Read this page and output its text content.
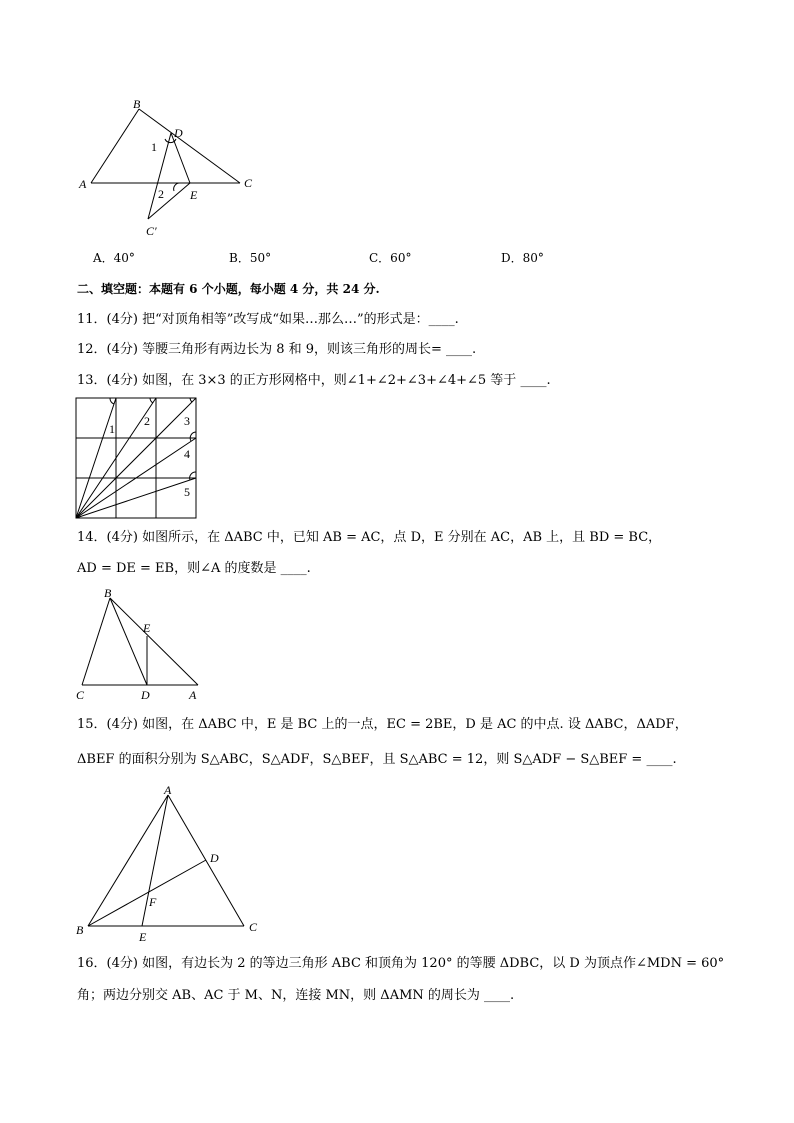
B
D
A	C
E
C′
1
2
A．40°	B．50°	C．60°	D．80°
二、填空题：本题有 6 个小题，每小题 4 分，共 24 分.
11．(4分) 把“对顶角相等”改写成“如果…那么…”的形式是：____.
12．(4分) 等腰三角形有两边长为 8 和 9，则该三角形的周长= ____.
13．(4分) 如图，在 3×3 的正方形网格中，则∠1+∠2+∠3+∠4+∠5 等于 ____.
1
2	3
4
5
14．(4分) 如图所示，在 ΔABC 中，已知 AB = AC，点 D，E 分别在 AC，AB 上，且 BD = BC，
AD = DE = EB，则∠A 的度数是 ____.
B
E
C	D	A
15．(4分) 如图，在 ΔABC 中，E 是 BC 上的一点，EC = 2BE，D 是 AC 的中点. 设 ΔABC，ΔADF，
ΔBEF 的面积分别为 S△ABC，S△ADF，S△BEF，且 S△ABC = 12，则 S△ADF − S△BEF = ____.
A
D
F
B	E
C
16．(4分) 如图，有边长为 2 的等边三角形 ABC 和顶角为 120° 的等腰 ΔDBC，以 D 为顶点作∠MDN = 60°
角；两边分别交 AB、AC 于 M、N，连接 MN，则 ΔAMN 的周长为 ____.
